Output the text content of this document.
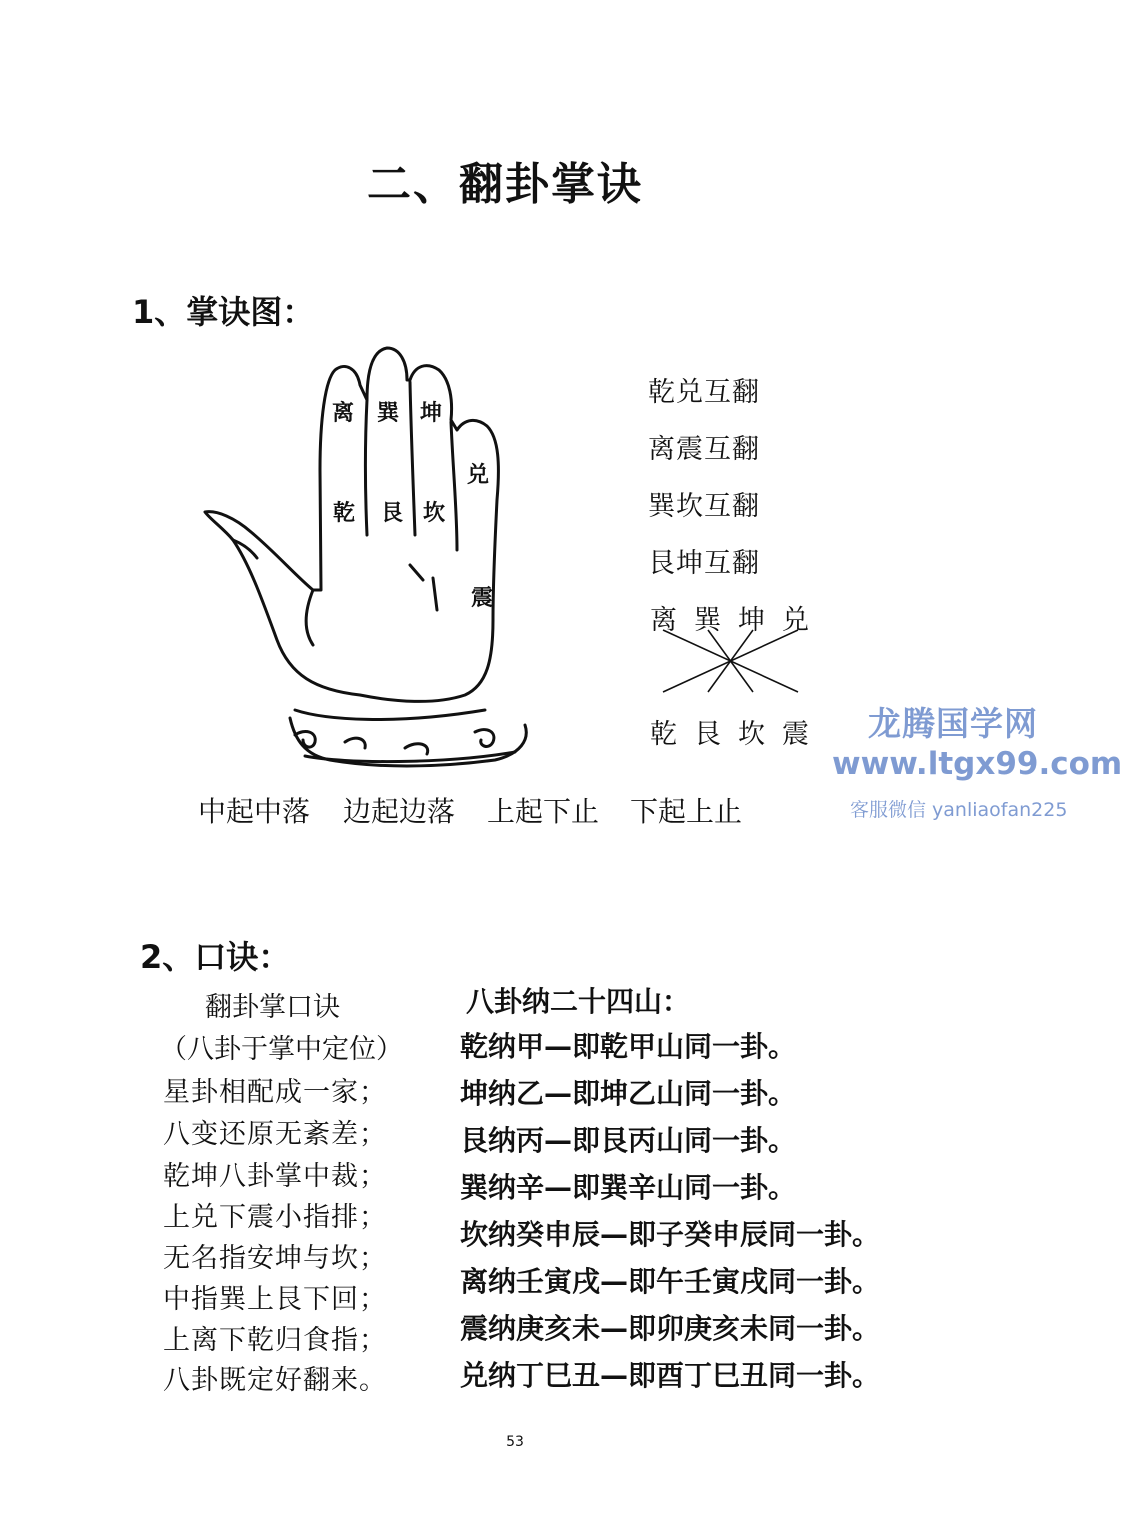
二、翻卦掌诀
1、掌诀图：
离 巽 坤
兑
乾 艮 坎
震
乾兑互翻
离震互翻
巽坎互翻
艮坤互翻
离 巽 坤 兑
乾 艮 坎 震
中起中落 边起边落 上起下止 下起上止
龙腾国学网
www.ltgx99.com
客服微信 yanliaofan225
2、口诀：
翻卦掌口诀
（八卦于掌中定位）
星卦相配成一家；
八变还原无紊差；
乾坤八卦掌中裁；
上兑下震小指排；
无名指安坤与坎；
中指巽上艮下回；
上离下乾归食指；
八卦既定好翻来。
八卦纳二十四山：
乾纳甲—即乾甲山同一卦。
坤纳乙—即坤乙山同一卦。
艮纳丙—即艮丙山同一卦。
巽纳辛—即巽辛山同一卦。
坎纳癸申辰—即子癸申辰同一卦。
离纳壬寅戌—即午壬寅戌同一卦。
震纳庚亥未—即卯庚亥未同一卦。
兑纳丁巳丑—即酉丁巳丑同一卦。
53
